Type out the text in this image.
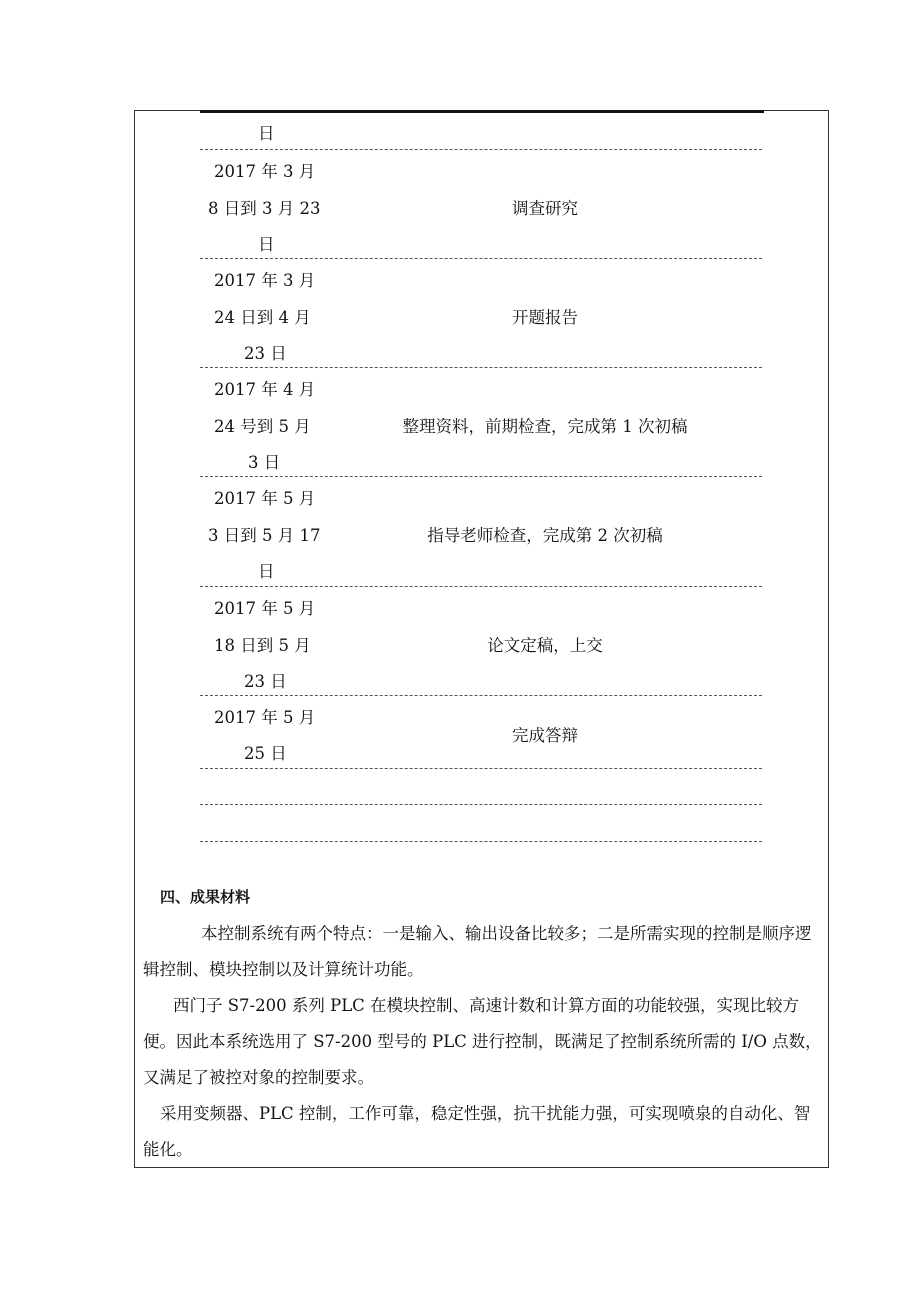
日
2017 年 3 月
8 日到 3 月 23
日
调查研究
2017 年 3 月
24 日到 4 月
23 日
开题报告
2017 年 4 月
24 号到 5 月
3 日
整理资料，前期检查，完成第 1 次初稿
2017 年 5 月
3 日到 5 月 17
日
指导老师检查，完成第 2 次初稿
2017 年 5 月
18 日到 5 月
23 日
论文定稿，上交
2017 年 5 月
25 日
完成答辩
四、成果材料
本控制系统有两个特点：一是输入、输出设备比较多；二是所需实现的控制是顺序逻辑控制、模块控制以及计算统计功能。
西门子 S7-200 系列 PLC 在模块控制、高速计数和计算方面的功能较强，实现比较方便。因此本系统选用了 S7-200 型号的 PLC 进行控制，既满足了控制系统所需的 I/O 点数，又满足了被控对象的控制要求。
采用变频器、PLC 控制，工作可靠，稳定性强，抗干扰能力强，可实现喷泉的自动化、智能化。
